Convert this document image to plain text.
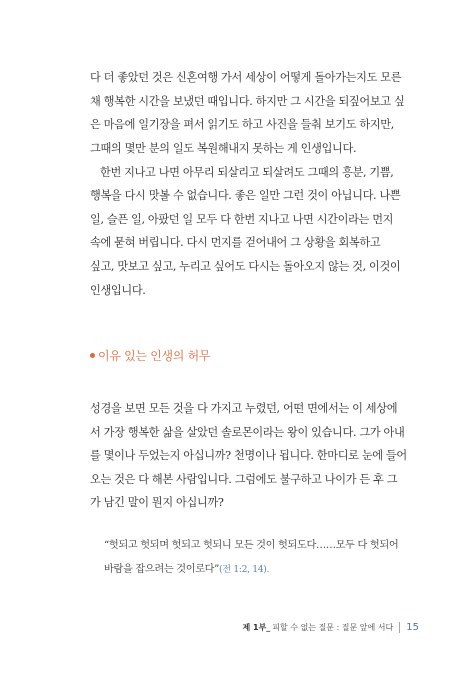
다 더 좋았던 것은 신혼여행 가서 세상이 어떻게 돌아가는지도 모른
채 행복한 시간을 보냈던 때입니다. 하지만 그 시간을 되짚어보고 싶
은 마음에 일기장을 펴서 읽기도 하고 사진을 들춰 보기도 하지만,
그때의 몇만 분의 일도 복원해내지 못하는 게 인생입니다.
한번 지나고 나면 아무리 되살리고 되살려도 그때의 흥분, 기쁨,
행복을 다시 맛볼 수 없습니다. 좋은 일만 그런 것이 아닙니다. 나쁜
일, 슬픈 일, 아팠던 일 모두 다 한번 지나고 나면 시간이라는 먼지
속에 묻혀 버립니다. 다시 먼지를 걷어내어 그 상황을 회복하고
싶고, 맛보고 싶고, 누리고 싶어도 다시는 돌아오지 않는 것, 이것이
인생입니다.
이유 있는 인생의 허무
성경을 보면 모든 것을 다 가지고 누렸던, 어떤 면에서는 이 세상에
서 가장 행복한 삶을 살았던 솔로몬이라는 왕이 있습니다. 그가 아내
를 몇이나 두었는지 아십니까? 천명이나 됩니다. 한마디로 눈에 들어
오는 것은 다 해본 사람입니다. 그럼에도 불구하고 나이가 든 후 그
가 남긴 말이 뭔지 아십니까?
“헛되고 헛되며 헛되고 헛되니 모든 것이 헛되도다……모두 다 헛되어
바람을 잡으려는 것이로다”(전 1:2, 14).
제 1부_ 피할 수 없는 질문 : 질문 앞에 서다 15
